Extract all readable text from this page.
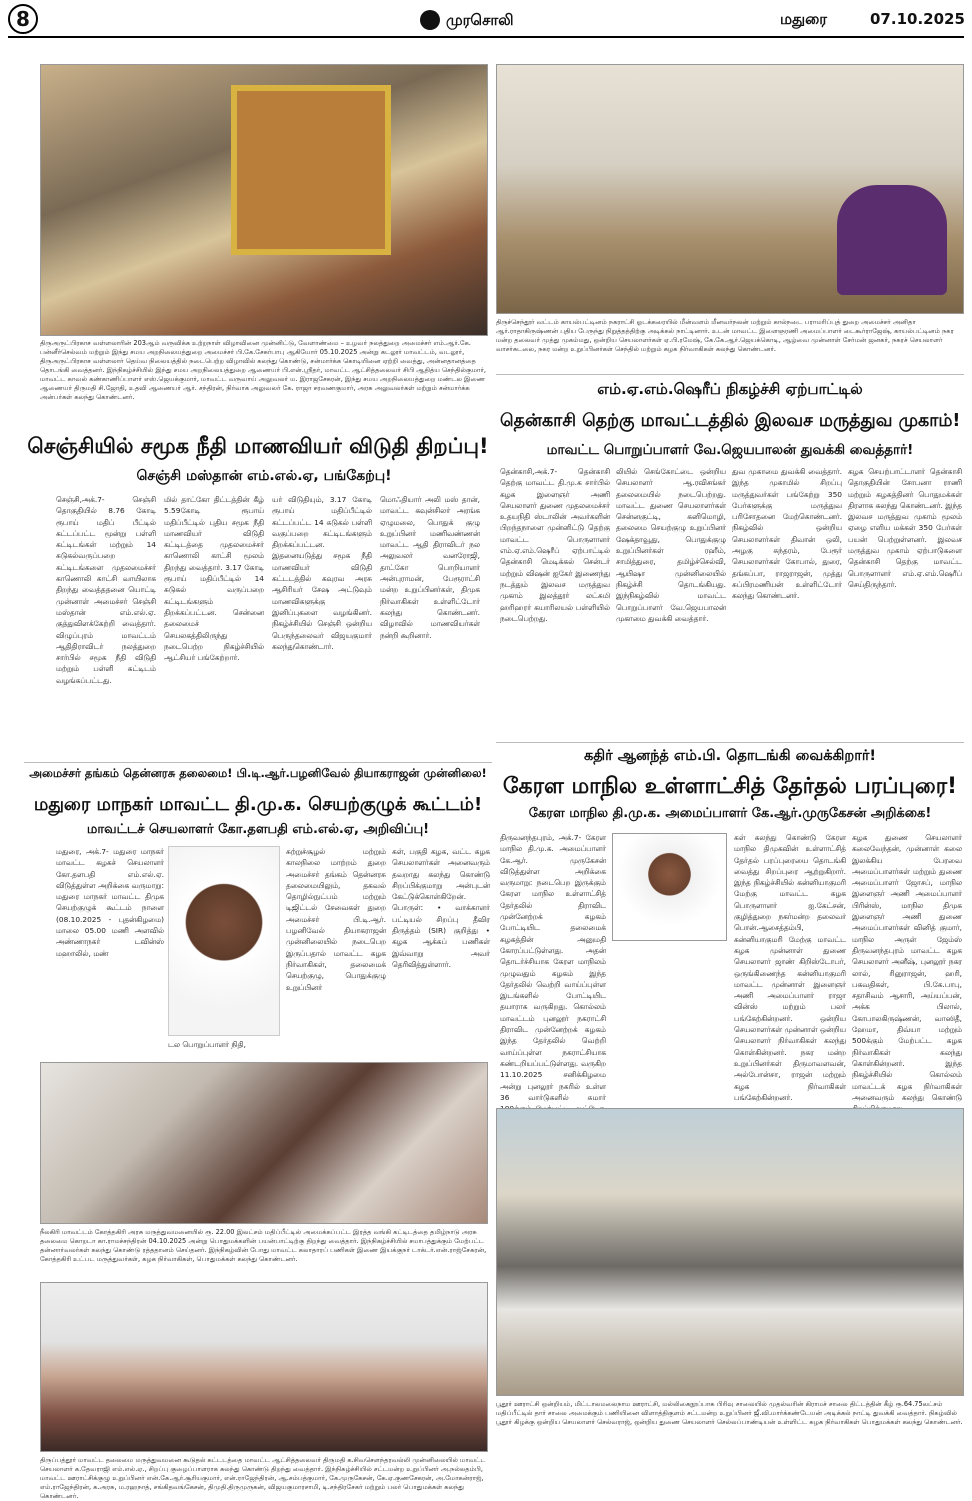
8	முரசொலி	மதுரை	07.10.2025
திருஅருட்பிரகாச வள்ளலாரின் 203ஆம் வருவிக்க உற்றநாள் விழாவினை முன்னிட்டு, வேளாண்மை – உழவர் நலத்துறை அமைச்சர் எம்.ஆர்.கே. பன்னீர்செல்வம் மற்றும் இந்து சமய அறநிலையத்துறை அமைச்சர் பி.கே.சேகர்பாபு ஆகியோர் 05.10.2025 அன்று கடலூர் மாவட்டம், வடலூர், திருஅருட்பிரகாச வள்ளலார் தெய்வ நிலையத்தில் நடைபெற்ற விழாவில் கலந்து கொண்டு, சன்மார்க்க கொடியினை ஏற்றி வைத்து, அன்னதானத்தை தொடங்கி வைத்தனர். இந்நிகழ்ச்சியில் இந்து சமய அறநிலையத்துறை ஆணையர் பி.என்.ஸ்ரீதர், மாவட்ட ஆட்சித்தலைவர் சிபி ஆதித்ய செந்தில்குமார், மாவட்ட காவல் கண்காணிப்பாளர் எஸ்.ஜெயக்குமார், மாவட்ட வருவாய் அலுவலர் ம. இராஜசேகரன், இந்து சமய அறநிலையத்துறை மண்டல இணை ஆணையர் திருமதி சி.ஜோதி, உதவி ஆணையர் ஆர். சந்திரன், நிர்வாக அலுவலர் கே. ராஜா சரவணகுமார், அரசு அலுவலர்கள் மற்றும் சன்மார்க்க அன்பர்கள் கலந்து கொண்டனர்.
திருச்செந்தூர் வட்டம் காயல்பட்டினம் நகராட்சி ஓடக்கரையில் மீன்வளம் மீனவர்நலன் மற்றும் கால்நடை பராமரிப்புத் துறை அமைச்சர் அனிதா ஆர்.ராதாகிருஷ்ணன் புதிய பேருந்து நிறுத்தத்திற்கு அடிக்கல் நாட்டினார். உடன் மாவட்ட இளைஞரணி அமைப்பாளர் டைகூர்ராஜேஷ், காயல்பட்டினம் நகர மன்ற தலைவர் முத்து முகம்மது, ஒன்றிய செயலாளர்கள் ஏ.பி.ரமேஷ், கே.கே.ஆர்.ஜெயக்கொடி, ஆழ்வை முன்னாள் சேர்மன் ஜனகர், நகரச் செயலாளர் வாசர்சுடலை, நகர மன்ற உறுப்பினர்கள் செந்தில் மற்றும் கழக நிர்வாகிகள் கலந்து கொண்டனர்.
எம்.ஏ.எம்.ஷெரீப் நிகழ்ச்சி ஏற்பாட்டில்
தென்காசி தெற்கு மாவட்டத்தில் இலவச மருத்துவ முகாம்!
மாவட்ட பொறுப்பாளர் வே.ஜெயபாலன் துவக்கி வைத்தார்!
தென்காசி,அக்.7- தென்காசி தெற்கு மாவட்ட தி.மு.க சார்பில் கழக இளைஞர் அணி செயலாளர் துணை முதலமைச்சர் உதயநிதி ஸ்டாலின் அவர்களின் பிறந்தநாளை முன்னிட்டு தெற்கு மாவட்ட பொருளாளர் எம்.ஏ.எம்.ஷெரீப் ஏற்பாட்டில் தென்காசி மெடிக்கல் சென்டர் மற்றும் விஷன் ஐகேர் இணைந்து நடத்தும் இலவச மருத்துவ முகாம் இலத்தூர் லட்சுமி ஹரிஹரர் கயாரிலயல் பள்ளியில் நடைபெற்றது.
லியில் செங்கோட்டை ஒன்றிய செயலாளர் ஆ.ரவிசங்கர் தலைமையில் நடைபெற்றது. மாவட்ட துணை செயலாளர்கள் சென்னகுட்டி, கனிமொழி, தலைமை செயற்குழு உறுப்பினர் ஷேக்தாவூது, பொதுக்குழு உறுப்பினர்கள் ரஹீம், சாமித்துரை, தமிழ்ச்செல்வி, ஆயிஷா முன்னிலையில் நிகழ்ச்சி தொடங்கியது. இந்நிகழ்வில் மாவட்ட பொறுப்பாளர் வே.ஜெயபாலன் முகாமை துவக்கி வைத்தார்.
துவ முகாமை துவக்கி வைத்தார். இந்த முகாமில் சிறப்பு மருத்துவர்கள் பங்கேற்று 350 பேர்களுக்கு மருத்துவ பரிசோதனை மேற்கொண்டனர். நிகழ்வில் ஒன்றிய செயலாளர்கள் திவான் ஒலி, அழகு சுந்தரம், பேரூர் செயலாளர்கள் கோபால், துரை, தங்கப்பா, ராஜராஜன், முத்து சுப்பிரமணியன் உள்ளிட்டோர் கலந்து கொண்டனர்.
கழக செயற்பாட்டாளர் தென்காசி தொகுதியின் சோபனா ராணி மற்றும் கழகத்தினர் பொதுமக்கள் திரளாக கலந்து கொண்டனர். இந்த இலவச மருத்துவ முகாம் மூலம் ஏழை எளிய மக்கள் 350 பேர்கள் பயன் பெற்றுள்ளனர். இலவச மருத்துவ முகாம் ஏற்பாடுகளை தென்காசி தெற்கு மாவட்ட பொருளாளர் எம்.ஏ.எம்.ஷெரீப் செய்திருந்தார்.
செஞ்சியில் சமூக நீதி மாணவியர் விடுதி திறப்பு!
செஞ்சி மஸ்தான் எம்.எல்.ஏ, பங்கேற்பு!
செஞ்சி,அக்.7- செஞ்சி தொகுதியில் 8.76 கோடி ரூபாய் மதிப் பீட்டில் கட்டப்பட்ட மூன்று பள்ளி கட்டிடங்கள் மற்றும் 14 சுடுகல்வருப்பறை கட்டிடங்களை முதலமைச்சர் காணொலி காட்சி வாயிலாக திறந்து வைத்ததனை யொட்டி முன்னாள் அமைச்சர் செஞ்சி மஸ்தான் எம்.எல்.ஏ. குத்துவிளக்கேற்றி வைத்தார். விழுப்புரம் மாவட்டம் ஆதிதிராவிடர் நலத்துறை சார்பில் சமூக நீதி விடுதி மற்றும் பள்ளி கட்டிடம் வழங்கப்பட்டது.
மில் தாட்கோ திட்டத்தின் கீழ் 5.59கோடி ரூபாய் மதிப்பீட்டில் புதிய சமூக நீதி மாணவியர் விடுதி கட்டிடத்தை முதலமைச்சர் காணொலி காட்சி மூலம் திறந்து வைத்தார். 3.17 கோடி ரூபாய் மதிப்பீட்டில் 14 சுடுகல் வருப்பறை கட்டிடங்களும் திறக்கப்பட்டன. சென்னை தலைமைச் செயலகத்திலிருந்து நடைபெற்ற நிகழ்ச்சியில் ஆட்சியர் பங்கேற்றார்.
யர் விடுதியும், 3.17 கோடி ரூபாய் மதிப்பீட்டில் கட்டப்பட்ட 14 சுடுகல் பள்ளி வகுப்பறை கட்டிடங்களும் திறக்கப்பட்டன. இதனையடுத்து சமூக நீதி மாணவியர் விடுதி கட்டடத்தில் கவுரவ அரசு ஆசிரியர் சேஷ அட்டுவும் மாணவிகளுக்கு இனிப்புகளை வழங்கினர். நிகழ்ச்சியில் செஞ்சி ஒன்றிய பெருந்தலைவர் விஜயகுமார் கலந்துகொண்டார்.
மொஃதியார் அலி மஸ் தான், மாவட்ட கவுன்சிலர் அரங்க ஏழுமலை, பொதுக் குழு உறுப்பினர் மணிவண்ணன் மாவட்ட ஆதி திராவிடர் நல அலுவலர் வனரோஜி, தாட்கோ பொறியாளர் அன்புராமன், பேரூராட்சி மன்ற உறுப்பினர்கள், திமுக நிர்வாகிகள் உள்ளிட்டோர் கலந்து கொண்டனர். விழாவில் மாணவியர்கள் நன்றி கூறினார்.
கதிர் ஆனந்த் எம்.பி. தொடங்கி வைக்கிறார்!
கேரள மாநில உள்ளாட்சித் தேர்தல் பரப்புரை!
கேரள மாநில தி.மு.க. அமைப்பாளர் கே.ஆர்.முருகேசன் அறிக்கை!
திருவனந்தபுரம், அக்.7- கேரள மாநில தி.மு.க. அமைப்பாளர் கே.ஆர். முருகேசன் விடுத்துள்ள அறிக்கை வருமாறு: நடைபெற இருக்கும் கேரள மாநில உள்ளாட்சித் தேர்தலில் திராவிட முன்னேற்றக் கழகம் போட்டியிட தலைமைக் கழகத்தின் அனுமதி கோரப்பட்டுள்ளது. அதன் தொடர்ச்சியாக கேரள மாநிலம் முழுவதும் கழகம் இந்த தேர்தலில் வெற்றி வாய்ப்புள்ள இடங்களில் போட்டியிட தயாராக வருகிறது. கொல்லம் மாவட்டம் புனலூர் நகராட்சி திராவிட முன்னேற்றக் கழகம் இந்த தேர்தலில் வெற்றி வாய்ப்புள்ள நகராட்சியாக கண்டறியப்பட்டுள்ளது. வருகிற 11.10.2025 சனிக்கிழமை அன்று புனலூர் நகரில் உள்ள 36 வார்டுகளில் சுமார்
கள் கலந்து கொண்டு கேரள மாநில திமுகவின் உள்ளாட்சித் தேர்தல் பரப்புரையை தொடங்கி வைத்து சிறப்புரை ஆற்றுகிறார். இந்த நிகழ்ச்சியில் கன்னியாகுமரி மேற்கு மாவட்ட கழக பொருளாளர் ஐ.கேட்சன், குழித்துறை நகர்மன்ற தலைவர் பொன்.ஆசைத்தம்பி, கன்னியாகுமரி மேற்கு மாவட்ட கழக முன்னாள் துணை செயலாளர் ஜாண் கிறிஸ்டோபர், ஒருங்கிணைந்த கன்னியாகுமரி மாவட்ட முன்னாள் இளைஞர் அணி அமைப்பாளர் ராஜா வின்ஸ் மற்றும் பலர் பங்கேற்கின்றனர். ஒன்றிய செயலாளர்கள் முன்னாள் ஒன்றிய செயலாளர் நிர்வாகிகள் கலந்து கொள்கின்றனர். நகர மன்ற உறுப்பினர்கள் திருமாவளவன், அல்போன்சா, ராஜன் மற்றும் கழக நிர்வாகிகள் பங்கேற்கின்றனர்.
கழக துணை செயலாளர் கலைவேந்தன், முன்னாள் கலை இலக்கிய பேரவை அமைப்பாளர்கள் மற்றும் துணை அமைப்பாளர் ஜோசப், மாநில இளைஞர் அணி அமைப்பாளர் பிரின்ஸ், மாநில திமுக இளைஞர் அணி துணை அமைப்பாளர்கள் வினித் குமார், மாநில அருள் ஜேம்ஸ் திருவனந்தபுரம் மாவட்ட கழக செயலாளர் அனீஷ், புனலூர் நகர லால், ரினுராஜன், ஹரி, பகவதிகள், பி.கே.பாபு, சதாசிவம் ஆசாரி, அய்யப்பன், அக்க பிலால், கோபாலகிருஷ்ணன், வாஸிதீ, ஹேமா, திவ்யா மற்றும் 500க்கும் மேற்பட்ட கழக நிர்வாகிகள் கலந்து கொள்கின்றனர். இந்த நிகழ்ச்சியில் கொல்லம் மாவட்டக் கழக நிர்வாகிகள் அனைவரும் கலந்து கொண்டு
அமைச்சர் தங்கம் தென்னரசு தலைமை! பி.டி.ஆர்.பழனிவேல் தியாகராஜன் முன்னிலை!
மதுரை மாநகர் மாவட்ட தி.மு.க. செயற்குழுக் கூட்டம்!
மாவட்டச் செயலாளர் கோ.தளபதி எம்.எல்.ஏ, அறிவிப்பு!
மதுரை, அக்.7- மதுரை மாநகர் மாவட்ட கழகச் செயலாளர் கோ.தளபதி எம்.எல்.ஏ. விடுத்துள்ள அறிக்கை வருமாறு: மதுரை மாநகர் மாவட்ட திமுக செயற்குழுக் கூட்டம் நாளை (08.10.2025 - புதன்கிழமை) மாலை 05.00 மணி அளவில் அண்ணாநகர் டவின்ஸ் மஹாலில், மண்
டல பொறுப்பாளர் நிதி,
சுற்றுச்சூழல் மற்றும் காலநிலை மாற்றம் துறை அமைச்சர் தங்கம் தென்னரசு தலைமையிலும், தகவல் தொழில்நுட்பம் மற்றும் டிஜிட்டல் சேவைகள் துறை அமைச்சர் பி.டி.ஆர். பழனிவேல் தியாகராஜன் முன்னிலையில் நடைபெற இருப்பதால் மாவட்ட கழக நிர்வாகிகள், தலைமைக் செயற்குழு, பொதுக்குழு உறுப்பினர்
கள், பகுதி கழக, வட்ட கழக செயலாளர்கள் அனைவரும் தவறாது கலந்து கொண்டு சிறப்பிக்குமாறு அன்புடன் கேட்டுக்கொள்கிறேன். பொருள்: • வாக்காளர் பட்டியல் சிறப்பு தீவிர திருத்தம் (SIR) குறித்து • கழக ஆக்கப் பணிகள் இவ்வாறு அவர் தெரிவித்துள்ளார்.
நீலகிரி மாவட்டம் கோத்தகிரி அரசு மருத்துவமனையில் ரூ. 22.00 இலட்சம் மதிப்பீட்டில் அமைக்கப்பட்ட இரத்த வங்கி கட்டிடத்தை தமிழ்நாடு அரசு தலைமை கொறடா கா.ராமச்சந்திரன் 04.10.2025 அன்று பொதுமக்களின் பயன்பாட்டிற்கு திறந்து வைத்தார். இந்நிகழ்ச்சியில் சமாபத்துக்கும் மேற்பட்ட தன்னார்வலர்கள் கலந்து கொண்டு ரத்ததானம் செய்தனர். இந்நிகழ்வின் போது மாவட்ட கலாதாரப் பணிகள் இணை இயக்குநர் டாக்டர்.என்.ராஜ்சேகரன், கோத்தகிரி உட்பட மருத்துவர்கள், கழக நிர்வாகிகள், பொதுமக்கள் கலந்து கொண்டனர்.
திருப்பத்தூர் மாவட்ட தலைமை மருத்துவமனை கூடுதல் கட்டடத்தை மாவட்ட ஆட்சித்தலைவர் திருமதி க.சிவசௌந்தரவல்லி முன்னிலையில் மாவட்ட செயலாளர் க.தேவராஜி எம்.எல்.ஏ., சிறப்பு குழைப்பாளராக கலந்து கொண்டு திறந்து வைத்தார். இந்நிகழ்ச்சியில் சட்டமன்ற உறுப்பினர் அ.நல்லதம்பி, மாவட்ட ஊராட்சிக்குழு உறுப்பினர் என்.கே.ஆர்.சூரியகுமார், என்.ராஜேந்திரன், ஆ.சம்பத்குமார், கே.முருகேசன், கே.ஏ.குணசேகரன், அ.மோகன்ராஜ், எம்.ராஜேந்திரன், க.அரசு, ம.ரஹநாத், சங்கிதவங்கேசன், திமுதி.திருமுருகன், விஜயகுமாரசாமி, டி.சந்திரசேகர் மற்றும் பலர் பொதுமக்கள் கலந்து கொண்டனர்.
பூதூர் ஊராட்சி ஒன்றியம், மிட்டாலமலைநாம ஊராட்சி, மல்லிகைநூப்பாக பிரிவு சாலையில் முதல்வரின் கிராமச் சாலை திட்டத்தின் கீழ் ரூ.64.75லட்சம் மதிப்பீட்டில் தார் சாலை அமைக்கும் பணியினை விளாத்திகுளம் சட்டமன்ற உறுப்பினர் ஜீ.வி.மார்க்கண்டேயன் அடிக்கல் நாட்டி துவக்கி வைத்தார். நிகழ்வில் பூதூர் கிழக்கு ஒன்றிய செயலாளர் செல்வராஜ், ஒன்றிய துணை செயலாளர் செல்லப்பாண்டியன் உள்ளிட்ட கழக நிர்வாகிகள் பொதுமக்கள் கலந்து கொண்டனர்.
